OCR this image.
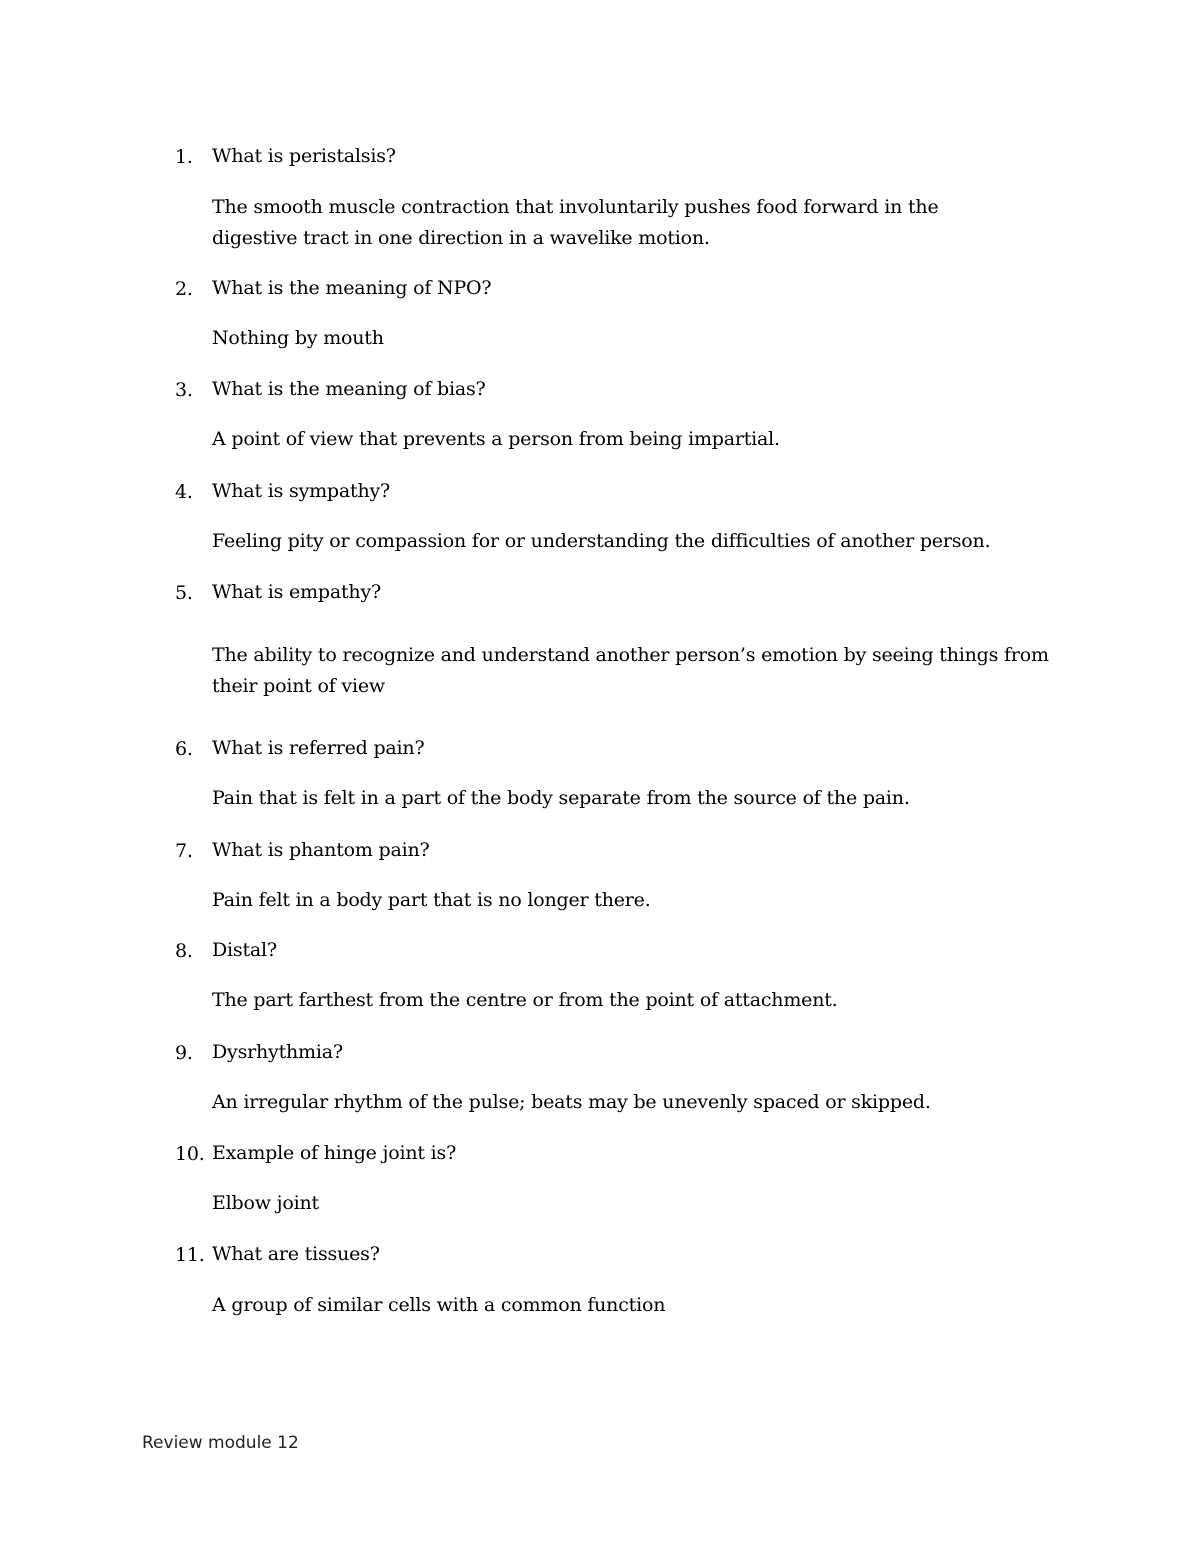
1. What is peristalsis?
The smooth muscle contraction that involuntarily pushes food forward in the digestive tract in one direction in a wavelike motion.
2. What is the meaning of NPO?
Nothing by mouth
3. What is the meaning of bias?
A point of view that prevents a person from being impartial.
4. What is sympathy?
Feeling pity or compassion for or understanding the difficulties of another person.
5. What is empathy?
The ability to recognize and understand another person’s emotion by seeing things from their point of view
6. What is referred pain?
Pain that is felt in a part of the body separate from the source of the pain.
7. What is phantom pain?
Pain felt in a body part that is no longer there.
8. Distal?
The part farthest from the centre or from the point of attachment.
9. Dysrhythmia?
An irregular rhythm of the pulse; beats may be unevenly spaced or skipped.
10. Example of hinge joint is?
Elbow joint
11. What are tissues?
A group of similar cells with a common function
Review module 12
